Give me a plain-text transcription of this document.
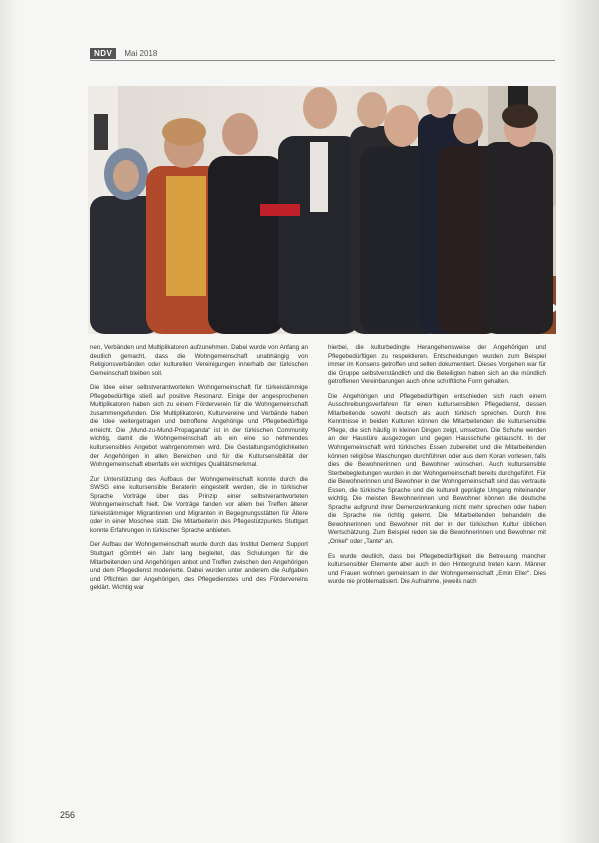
NDV	Mai 2018

nen, Verbänden und Multiplikatoren aufzunehmen. Dabei wurde von Anfang an deutlich gemacht, dass die Wohngemeinschaft unabhängig von Religionsverbänden oder kulturellen Vereinigungen innerhalb der türkischen Gemeinschaft bleiben soll.

Die Idee einer selbstverantworteten Wohngemeinschaft für türkeistämmige Pflegebedürftige stieß auf positive Resonanz. Einige der angesprochenen Multiplikatoren haben sich zu einem Förderverein für die Wohngemeinschaft zusammengefunden. Die Multiplikatoren, Kulturvereine und Verbände haben die Idee weitergetragen und betroffene Angehörige und Pflegebedürftige erreicht. Die „Mund-zu-Mund-Propaganda“ ist in der türkischen Community wichtig, damit die Wohngemeinschaft als ein eine so nehmendes kultursensibles Angebot wahrgenommen wird. Die Gestaltungsmöglichkeiten der Angehörigen in allen Bereichen und für die Kultursensibilität der Wohngemeinschaft ebenfalls ein wichtiges Qualitätsmerkmal.

Zur Unterstützung des Aufbaus der Wohngemeinschaft konnte durch die SWSG eine kultursensible Beraterin eingestellt werden, die in türkischer Sprache Vorträge über das Prinzip einer selbstverantworteten Wohngemeinschaft hielt. Die Vorträge fanden vor allem bei Treffen älterer türkeistämmiger Migrantinnen und Migranten in Begegnungsstätten für Ältere oder in einer Moschee statt. Die Mitarbeiterin des Pflegestützpunkts Stuttgart konnte Erfahrungen in türkischer Sprache anbieten.

Der Aufbau der Wohngemeinschaft wurde durch das Institut Demenz Support Stuttgart gGmbH ein Jahr lang begleitet, das Schulungen für die Mitarbeitenden und Angehörigen anbot und Treffen zwischen den Angehörigen und dem Pflegedienst moderierte. Dabei wurden unter anderem die Aufgaben und Pflichten der Angehörigen, des Pflegedienstes und des Fördervereins geklärt. Wichtig war

hierbei, die kulturbedingte Herangehensweise der Angehörigen und Pflegebedürftigen zu respektieren. Entscheidungen wurden zum Beispiel immer im Konsens getroffen und selten dokumentiert. Dieses Vorgehen war für die Gruppe selbstverständlich und die Beteiligten haben sich an die mündlich getroffenen Vereinbarungen auch ohne schriftliche Form gehalten.

Die Angehörigen und Pflegebedürftigen entschieden sich nach einem Ausschreibungsverfahren für einen kultursensiblen Pflegedienst, dessen Mitarbeitende sowohl deutsch als auch türkisch sprechen. Durch ihre Kenntnisse in beiden Kulturen können die Mitarbeitenden die kultursensible Pflege, die sich häufig in kleinen Dingen zeigt, umsetzen. Die Schuhe werden an der Haustüre ausgezogen und gegen Hausschuhe getauscht. In der Wohngemeinschaft wird türkisches Essen zubereitet und die Mitarbeitenden können religiöse Waschungen durchführen oder aus dem Koran vorlesen, falls dies die Bewohnerinnen und Bewohner wünschen. Auch kultursensible Sterbebegleitungen wurden in der Wohngemeinschaft bereits durchgeführt. Für die Bewohnerinnen und Bewohner in der Wohngemeinschaft sind das vertraute Essen, die türkische Sprache und die kulturell geprägte Umgang miteinander wichtig. Die meisten Bewohnerinnen und Bewohner können die deutsche Sprache aufgrund ihrer Demenzerkrankung nicht mehr sprechen oder haben die Sprache nie richtig gelernt. Die Mitarbeitenden behandeln die Bewohnerinnen und Bewohner mit der in der türkischen Kultur üblichen Wertschätzung. Zum Beispiel reden sie die Bewohnerinnen und Bewohner mit „Onkel“ oder „Tante“ an.

Es wurde deutlich, dass bei Pflegebedürftigkeit die Betreuung mancher kultursensibler Elemente aber auch in den Hintergrund treten kann. Männer und Frauen wohnen gemeinsam in der Wohngemeinschaft „Emin Eller“. Dies wurde nie problematisiert. Die Aufnahme, jeweils nach

256
